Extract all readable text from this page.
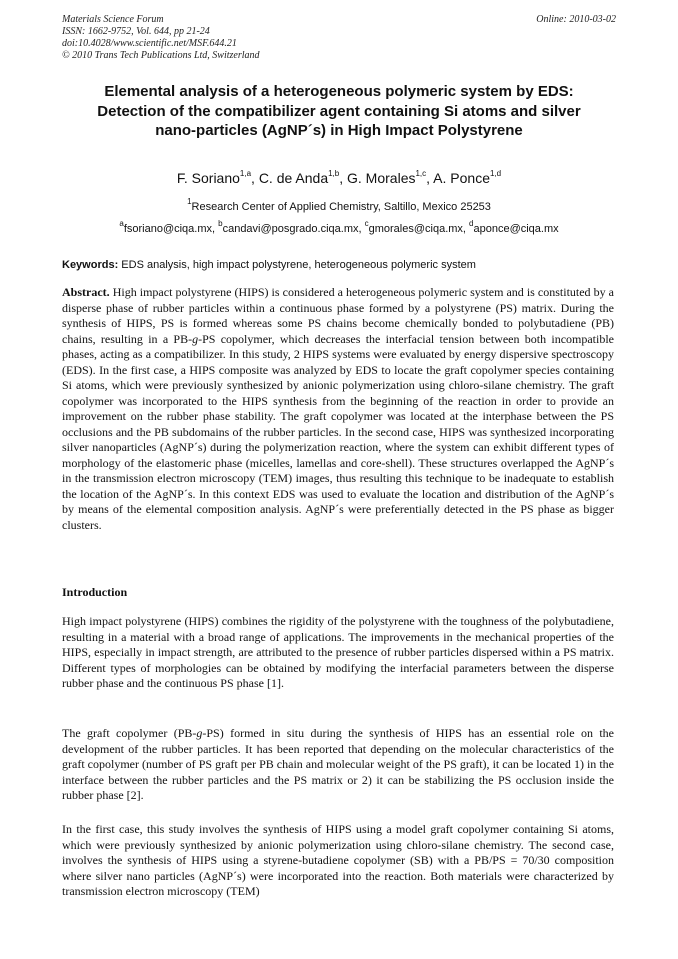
Materials Science Forum
ISSN: 1662-9752, Vol. 644, pp 21-24
doi:10.4028/www.scientific.net/MSF.644.21
© 2010 Trans Tech Publications Ltd, Switzerland
Online: 2010-03-02
Elemental analysis of a heterogeneous polymeric system by EDS:
Detection of the compatibilizer agent containing Si atoms and silver
nano-particles (AgNP´s) in High Impact Polystyrene
F. Soriano$^{1,a}$, C. de Anda$^{1,b}$, G. Morales$^{1,c}$, A. Ponce$^{1,d}$
$^1$Research Center of Applied Chemistry, Saltillo, Mexico 25253
$^a$fsoriano@ciqa.mx, $^b$candavi@posgrado.ciqa.mx, $^c$gmorales@ciqa.mx, $^d$aponce@ciqa.mx
Keywords: EDS analysis, high impact polystyrene, heterogeneous polymeric system
Abstract. High impact polystyrene (HIPS) is considered a heterogeneous polymeric system and is constituted by a disperse phase of rubber particles within a continuous phase formed by a polystyrene (PS) matrix. During the synthesis of HIPS, PS is formed whereas some PS chains become chemically bonded to polybutadiene (PB) chains, resulting in a PB-g-PS copolymer, which decreases the interfacial tension between both incompatible phases, acting as a compatibilizer. In this study, 2 HIPS systems were evaluated by energy dispersive spectroscopy (EDS). In the first case, a HIPS composite was analyzed by EDS to locate the graft copolymer species containing Si atoms, which were previously synthesized by anionic polymerization using chloro-silane chemistry. The graft copolymer was incorporated to the HIPS synthesis from the beginning of the reaction in order to provide an improvement on the rubber phase stability. The graft copolymer was located at the interphase between the PS occlusions and the PB subdomains of the rubber particles. In the second case, HIPS was synthesized incorporating silver nanoparticles (AgNP´s) during the polymerization reaction, where the system can exhibit different types of morphology of the elastomeric phase (micelles, lamellas and core-shell). These structures overlapped the AgNP´s in the transmission electron microscopy (TEM) images, thus resulting this technique to be inadequate to establish the location of the AgNP´s. In this context EDS was used to evaluate the location and distribution of the AgNP´s by means of the elemental composition analysis. AgNP´s were preferentially detected in the PS phase as bigger clusters.
Introduction
High impact polystyrene (HIPS) combines the rigidity of the polystyrene with the toughness of the polybutadiene, resulting in a material with a broad range of applications. The improvements in the mechanical properties of the HIPS, especially in impact strength, are attributed to the presence of rubber particles dispersed within a PS matrix. Different types of morphologies can be obtained by modifying the interfacial parameters between the disperse rubber phase and the continuous PS phase [1].
The graft copolymer (PB-g-PS) formed in situ during the synthesis of HIPS has an essential role on the development of the rubber particles. It has been reported that depending on the molecular characteristics of the graft copolymer (number of PS graft per PB chain and molecular weight of the PS graft), it can be located 1) in the interface between the rubber particles and the PS matrix or 2) it can be stabilizing the PS occlusion inside the rubber phase [2].
In the first case, this study involves the synthesis of HIPS using a model graft copolymer containing Si atoms, which were previously synthesized by anionic polymerization using chloro-silane chemistry. The second case, involves the synthesis of HIPS using a styrene-butadiene copolymer (SB) with a PB/PS = 70/30 composition where silver nano particles (AgNP´s) were incorporated into the reaction. Both materials were characterized by transmission electron microscopy (TEM)
